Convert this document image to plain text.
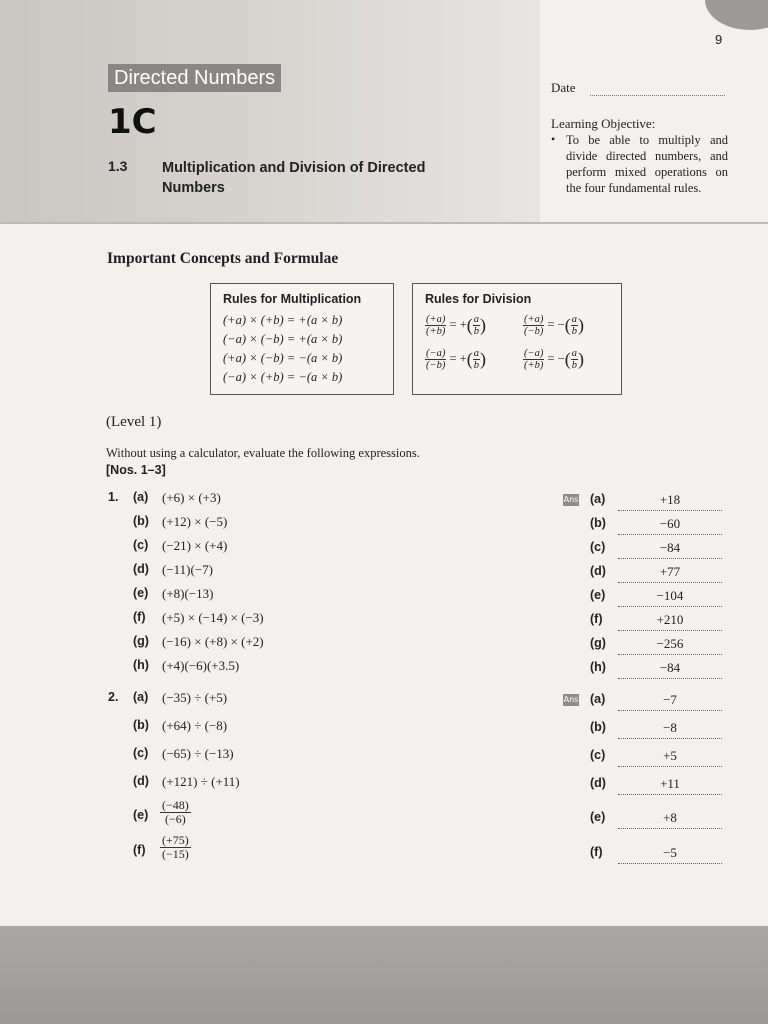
9
Directed Numbers
1C
1.3 Multiplication and Division of Directed Numbers
Date
Learning Objective:
• To be able to multiply and divide directed numbers, and perform mixed operations on the four fundamental rules.
Important Concepts and Formulae
Rules for Multiplication
(+a) × (+b) = +(a × b)
(−a) × (−b) = +(a × b)
(+a) × (−b) = −(a × b)
(−a) × (+b) = −(a × b)
Rules for Division
$\frac{(+a)}{(+b)}$ = +( $\frac{a}{b}$ )	$\frac{(+a)}{(-b)}$ = −( $\frac{a}{b}$ )
$\frac{(-a)}{(-b)}$ = +( $\frac{a}{b}$ )	$\frac{(-a)}{(+b)}$ = −( $\frac{a}{b}$ )
(Level 1)
Without using a calculator, evaluate the following expressions.
[Nos. 1–3]
1.	Ans
(a) (+6) × (+3)	(a)	+18
(b) (+12) × (−5)	(b)	−60
(c) (−21) × (+4)	(c)	−84
(d) (−11)(−7)	(d)	+77
(e) (+8)(−13)	(e)	−104
(f) (+5) × (−14) × (−3)	(f)	+210
(g) (−16) × (+8) × (+2)	(g)	−256
(h) (+4)(−6)(+3.5)	(h)	−84
2.	Ans
(a) (−35) ÷ (+5)	(a)	−7
(b) (+64) ÷ (−8)	(b)	−8
(c) (−65) ÷ (−13)	(c)	+5
(d) (+121) ÷ (+11)	(d)	+11
$(e) \frac{(-48)}{(-6)}$	(e)	+8
$(f) \frac{(+75)}{(-15)}$	(f)	−5
